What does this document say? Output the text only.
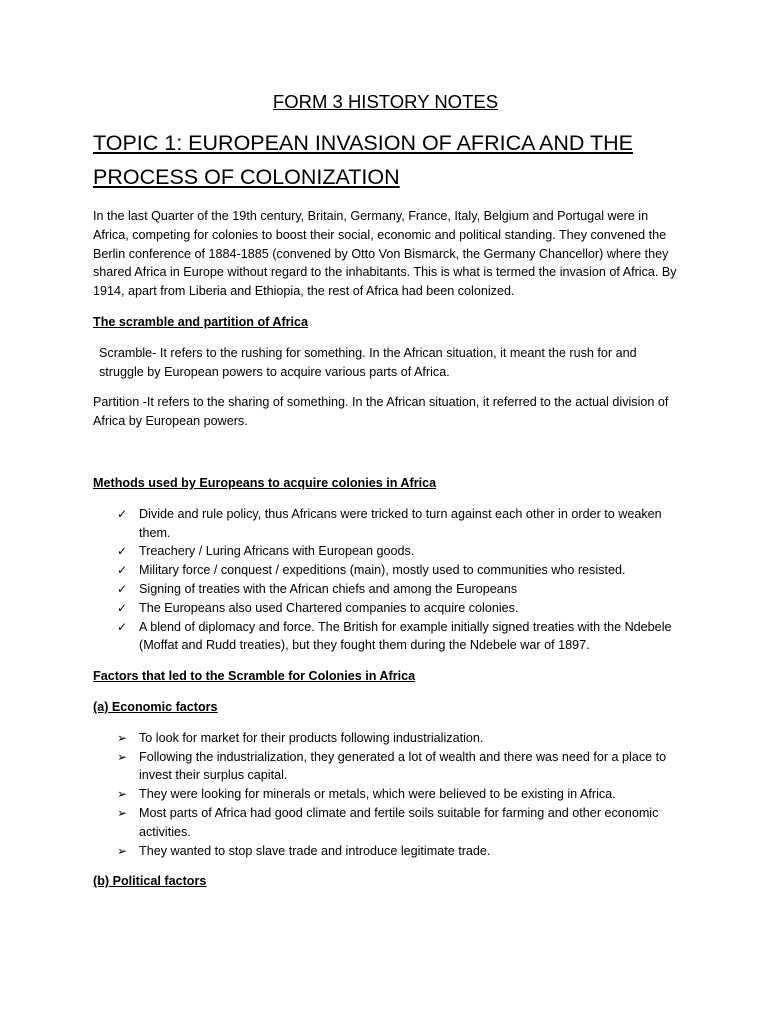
FORM 3 HISTORY NOTES
TOPIC 1: EUROPEAN INVASION OF AFRICA AND THE PROCESS OF COLONIZATION

In the last Quarter of the 19th century, Britain, Germany, France, Italy, Belgium and Portugal were in Africa, competing for colonies to boost their social, economic and political standing. They convened the Berlin conference of 1884-1885 (convened by Otto Von Bismarck, the Germany Chancellor) where they shared Africa in Europe without regard to the inhabitants. This is what is termed the invasion of Africa. By 1914, apart from Liberia and Ethiopia, the rest of Africa had been colonized.

The scramble and partition of Africa

Scramble- It refers to the rushing for something. In the African situation, it meant the rush for and struggle by European powers to acquire various parts of Africa.

Partition -It refers to the sharing of something. In the African situation, it referred to the actual division of Africa by European powers.

Methods used by Europeans to acquire colonies in Africa
✓ Divide and rule policy, thus Africans were tricked to turn against each other in order to weaken them.
✓ Treachery / Luring Africans with European goods.
✓ Military force / conquest / expeditions (main), mostly used to communities who resisted.
✓ Signing of treaties with the African chiefs and among the Europeans
✓ The Europeans also used Chartered companies to acquire colonies.
✓ A blend of diplomacy and force. The British for example initially signed treaties with the Ndebele (Moffat and Rudd treaties), but they fought them during the Ndebele war of 1897.
Factors that led to the Scramble for Colonies in Africa
(a) Economic factors
➢ To look for market for their products following industrialization.
➢ Following the industrialization, they generated a lot of wealth and there was need for a place to invest their surplus capital.
➢ They were looking for minerals or metals, which were believed to be existing in Africa.
➢ Most parts of Africa had good climate and fertile soils suitable for farming and other economic activities.
➢ They wanted to stop slave trade and introduce legitimate trade.
(b) Political factors
